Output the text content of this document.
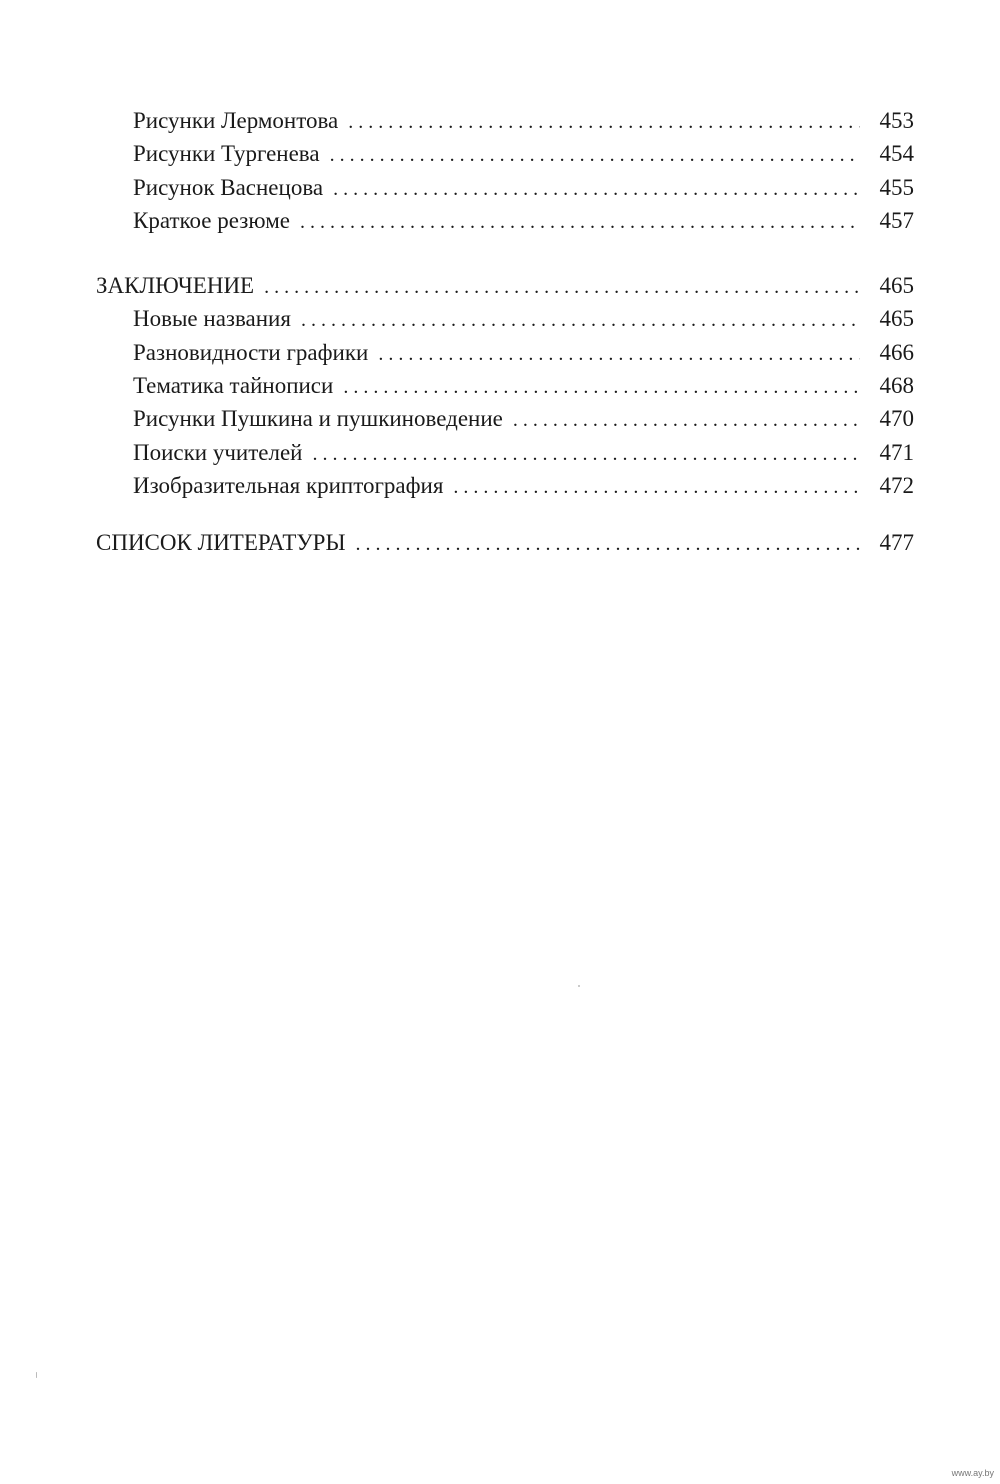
Рисунки Лермонтова . . .	453
Рисунки Тургенева . . .	454
Рисунок Васнецова . . .	455
Краткое резюме . . .	457
ЗАКЛЮЧЕНИЕ . . .	465
Новые названия . . .	465
Разновидности графики . . .	466
Тематика тайнописи . . .	468
Рисунки Пушкина и пушкиноведение . . .	470
Поиски учителей . . .	471
Изобразительная криптография . . .	472
СПИСОК ЛИТЕРАТУРЫ . . .	477
www.ay.by
